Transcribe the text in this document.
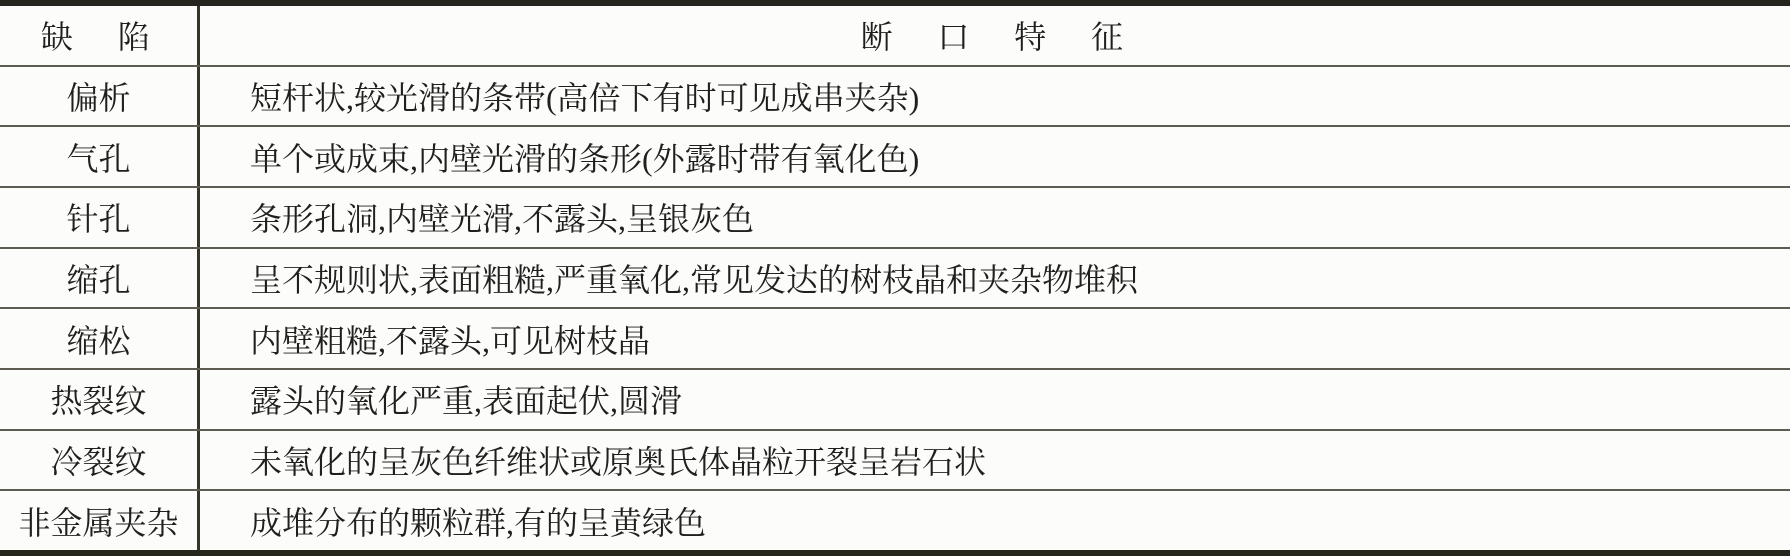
缺　陷	断　口　特　征
偏析	短杆状,较光滑的条带(高倍下有时可见成串夹杂)
气孔	单个或成束,内壁光滑的条形(外露时带有氧化色)
针孔	条形孔洞,内壁光滑,不露头,呈银灰色
缩孔	呈不规则状,表面粗糙,严重氧化,常见发达的树枝晶和夹杂物堆积
缩松	内壁粗糙,不露头,可见树枝晶
热裂纹	露头的氧化严重,表面起伏,圆滑
冷裂纹	未氧化的呈灰色纤维状或原奥氏体晶粒开裂呈岩石状
非金属夹杂	成堆分布的颗粒群,有的呈黄绿色
